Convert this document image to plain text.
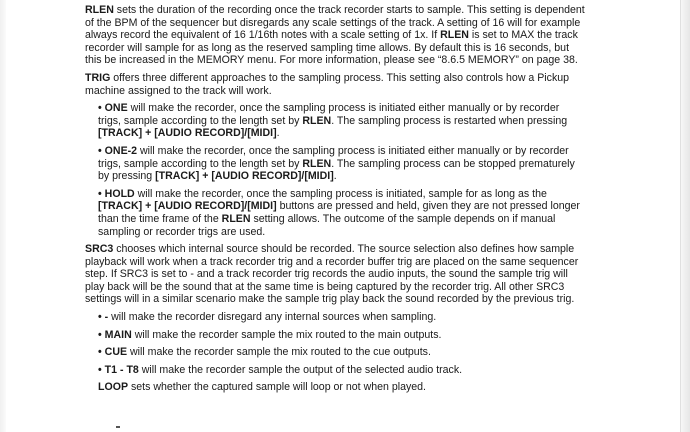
RLEN sets the duration of the recording once the track recorder starts to sample. This setting is dependent of the BPM of the sequencer but disregards any scale settings of the track. A setting of 16 will for example always record the equivalent of 16 1/16th notes with a scale setting of 1x. If RLEN is set to MAX the track recorder will sample for as long as the reserved sampling time allows. By default this is 16 seconds, but this be increased in the MEMORY menu. For more information, please see “8.6.5 MEMORY” on page 38.

TRIG offers three different approaches to the sampling process. This setting also controls how a Pickup machine assigned to the track will work.

• ONE will make the recorder, once the sampling process is initiated either manually or by recorder trigs, sample according to the length set by RLEN. The sampling process is restarted when pressing [TRACK] + [AUDIO RECORD]/[MIDI].

• ONE-2 will make the recorder, once the sampling process is initiated either manually or by recorder trigs, sample according to the length set by RLEN. The sampling process can be stopped prematurely by pressing [TRACK] + [AUDIO RECORD]/[MIDI].

• HOLD will make the recorder, once the sampling process is initiated, sample for as long as the [TRACK] + [AUDIO RECORD]/[MIDI] buttons are pressed and held, given they are not pressed longer than the time frame of the RLEN setting allows. The outcome of the sample depends on if manual sampling or recorder trigs are used.

SRC3 chooses which internal source should be recorded. The source selection also defines how sample playback will work when a track recorder trig and a recorder buffer trig are placed on the same sequencer step. If SRC3 is set to - and a track recorder trig records the audio inputs, the sound the sample trig will play back will be the sound that at the same time is being captured by the recorder trig. All other SRC3 settings will in a similar scenario make the sample trig play back the sound recorded by the previous trig.

• - will make the recorder disregard any internal sources when sampling.

• MAIN will make the recorder sample the mix routed to the main outputs.

• CUE will make the recorder sample the mix routed to the cue outputs.

• T1 - T8 will make the recorder sample the output of the selected audio track.

LOOP sets whether the captured sample will loop or not when played.
